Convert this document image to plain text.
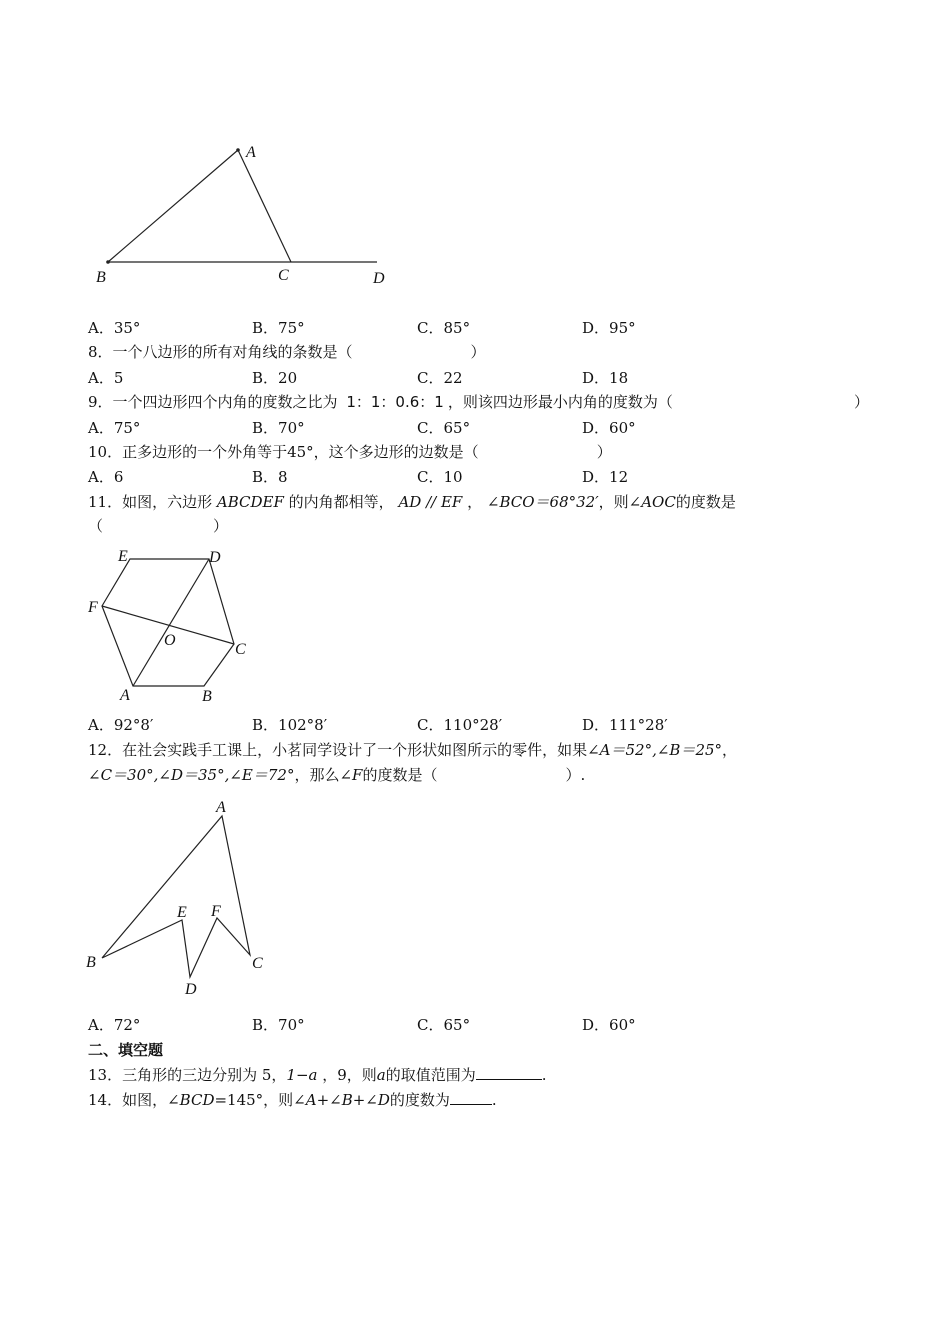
A
B	C	D
A．35°	B．75°	C．85°	D．95°
8．一个八边形的所有对角线的条数是（	）
A．5	B．20	C．22	D．18
9．一个四边形四个内角的度数之比为 1：1：0.6：1 ，则该四边形最小内角的度数为（	）
A．75°	B．70°	C．65°	D．60°
10．正多边形的一个外角等于45°，这个多边形的边数是（	）
A．6	B．8	C．10	D．12
11．如图，六边形 ABCDEF 的内角都相等， AD // EF ， ∠BCO＝68°32′，则∠AOC的度数是
（	）
E	D
F
O
C
A	B
A．92°8′	B．102°8′	C．110°28′	D．111°28′
12．在社会实践手工课上，小茗同学设计了一个形状如图所示的零件，如果∠A＝52°,∠B＝25°，
∠C＝30°,∠D＝35°,∠E＝72°，那么∠F的度数是（	）.
A
E F
B	C
D
A．72°	B．70°	C．65°	D．60°
二、填空题
13．三角形的三边分别为 5，1−a ，9，则a的取值范围为	.
14．如图，∠BCD=145°，则∠A+∠B+∠D的度数为	.
